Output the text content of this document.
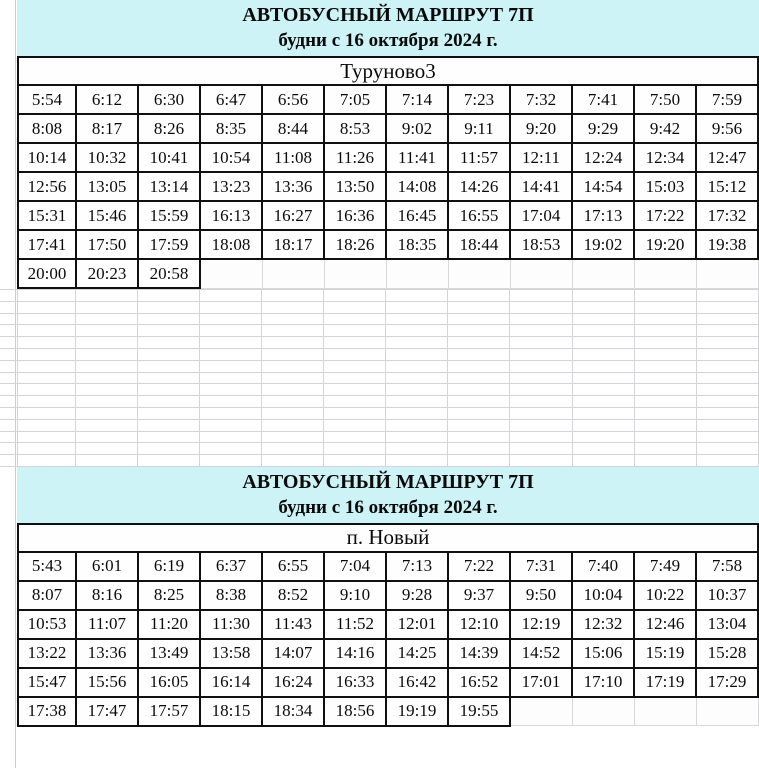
АВТОБУСНЫЙ МАРШРУТ 7П
будни с 16 октября 2024 г.
Туруново3											
5:54	6:12	6:30	6:47	6:56	7:05	7:14	7:23	7:32	7:41	7:50	7:59
8:08	8:17	8:26	8:35	8:44	8:53	9:02	9:11	9:20	9:29	9:42	9:56
10:14	10:32	10:41	10:54	11:08	11:26	11:41	11:57	12:11	12:24	12:34	12:47
12:56	13:05	13:14	13:23	13:36	13:50	14:08	14:26	14:41	14:54	15:03	15:12
15:31	15:46	15:59	16:13	16:27	16:36	16:45	16:55	17:04	17:13	17:22	17:32
17:41	17:50	17:59	18:08	18:17	18:26	18:35	18:44	18:53	19:02	19:20	19:38
20:00	20:23	20:58									

АВТОБУСНЫЙ МАРШРУТ 7П
будни с 16 октября 2024 г.
п. Новый											
5:43	6:01	6:19	6:37	6:55	7:04	7:13	7:22	7:31	7:40	7:49	7:58
8:07	8:16	8:25	8:38	8:52	9:10	9:28	9:37	9:50	10:04	10:22	10:37
10:53	11:07	11:20	11:30	11:43	11:52	12:01	12:10	12:19	12:32	12:46	13:04
13:22	13:36	13:49	13:58	14:07	14:16	14:25	14:39	14:52	15:06	15:19	15:28
15:47	15:56	16:05	16:14	16:24	16:33	16:42	16:52	17:01	17:10	17:19	17:29
17:38	17:47	17:57	18:15	18:34	18:56	19:19	19:55				
